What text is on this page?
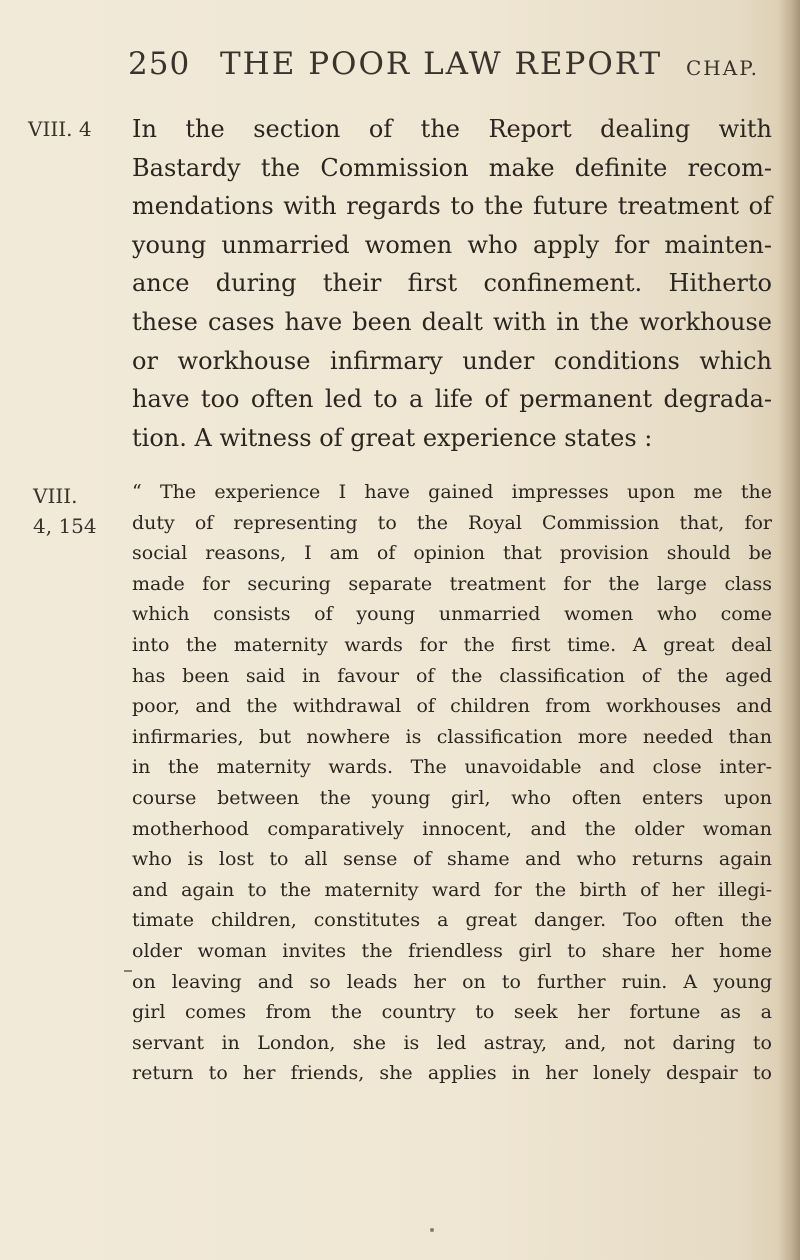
250 THE POOR LAW REPORT CHAP.
VIII. 4
VIII.
4, 154

In the section of the Report dealing with
Bastardy the Commission make definite recom-
mendations with regards to the future treatment of
young unmarried women who apply for mainten-
ance during their first confinement. Hitherto
these cases have been dealt with in the workhouse
or workhouse infirmary under conditions which
have too often led to a life of permanent degrada-
tion. A witness of great experience states :

“ The experience I have gained impresses upon me the
duty of representing to the Royal Commission that, for
social reasons, I am of opinion that provision should be
made for securing separate treatment for the large class
which consists of young unmarried women who come
into the maternity wards for the first time. A great deal
has been said in favour of the classification of the aged
poor, and the withdrawal of children from workhouses and
infirmaries, but nowhere is classification more needed than
in the maternity wards. The unavoidable and close inter-
course between the young girl, who often enters upon
motherhood comparatively innocent, and the older woman
who is lost to all sense of shame and who returns again
and again to the maternity ward for the birth of her illegi-
timate children, constitutes a great danger. Too often the
older woman invites the friendless girl to share her home
on leaving and so leads her on to further ruin. A young
girl comes from the country to seek her fortune as a
servant in London, she is led astray, and, not daring to
return to her friends, she applies in her lonely despair to
